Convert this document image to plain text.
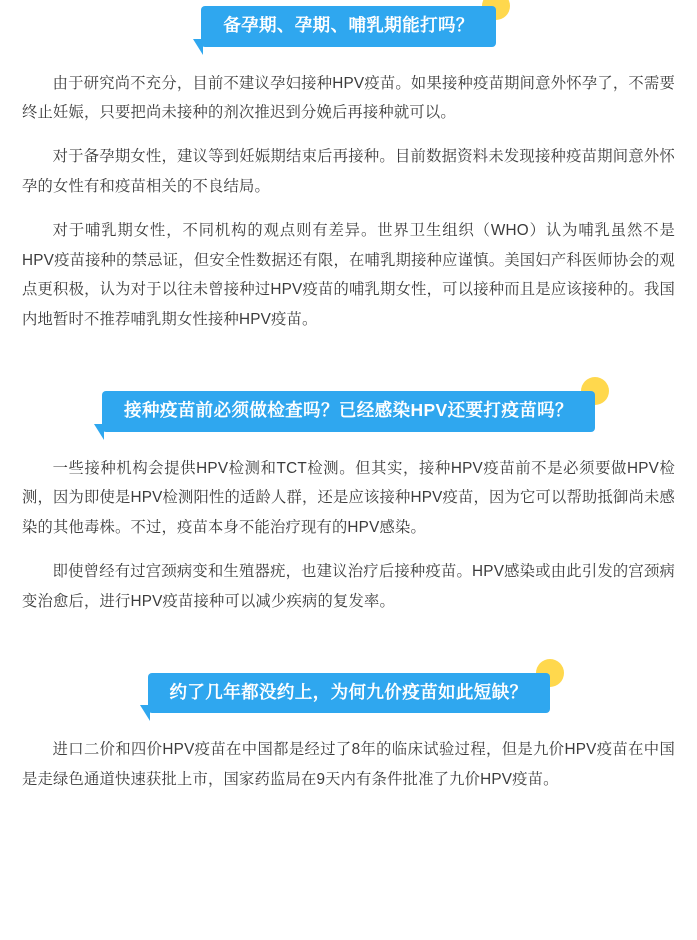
备孕期、孕期、哺乳期能打吗？

由于研究尚不充分，目前不建议孕妇接种HPV疫苗。如果接种疫苗期间意外怀孕了，不需要终止妊娠，只要把尚未接种的剂次推迟到分娩后再接种就可以。

对于备孕期女性，建议等到妊娠期结束后再接种。目前数据资料未发现接种疫苗期间意外怀孕的女性有和疫苗相关的不良结局。

对于哺乳期女性，不同机构的观点则有差异。世界卫生组织（WHO）认为哺乳虽然不是HPV疫苗接种的禁忌证，但安全性数据还有限，在哺乳期接种应谨慎。美国妇产科医师协会的观点更积极，认为对于以往未曾接种过HPV疫苗的哺乳期女性，可以接种而且是应该接种的。我国内地暂时不推荐哺乳期女性接种HPV疫苗。

接种疫苗前必须做检查吗？已经感染HPV还要打疫苗吗？

一些接种机构会提供HPV检测和TCT检测。但其实，接种HPV疫苗前不是必须要做HPV检测，因为即使是HPV检测阳性的适龄人群，还是应该接种HPV疫苗，因为它可以帮助抵御尚未感染的其他毒株。不过，疫苗本身不能治疗现有的HPV感染。

即使曾经有过宫颈病变和生殖器疣，也建议治疗后接种疫苗。HPV感染或由此引发的宫颈病变治愈后，进行HPV疫苗接种可以减少疾病的复发率。

约了几年都没约上，为何九价疫苗如此短缺？

进口二价和四价HPV疫苗在中国都是经过了8年的临床试验过程，但是九价HPV疫苗在中国是走绿色通道快速获批上市，国家药监局在9天内有条件批准了九价HPV疫苗。
